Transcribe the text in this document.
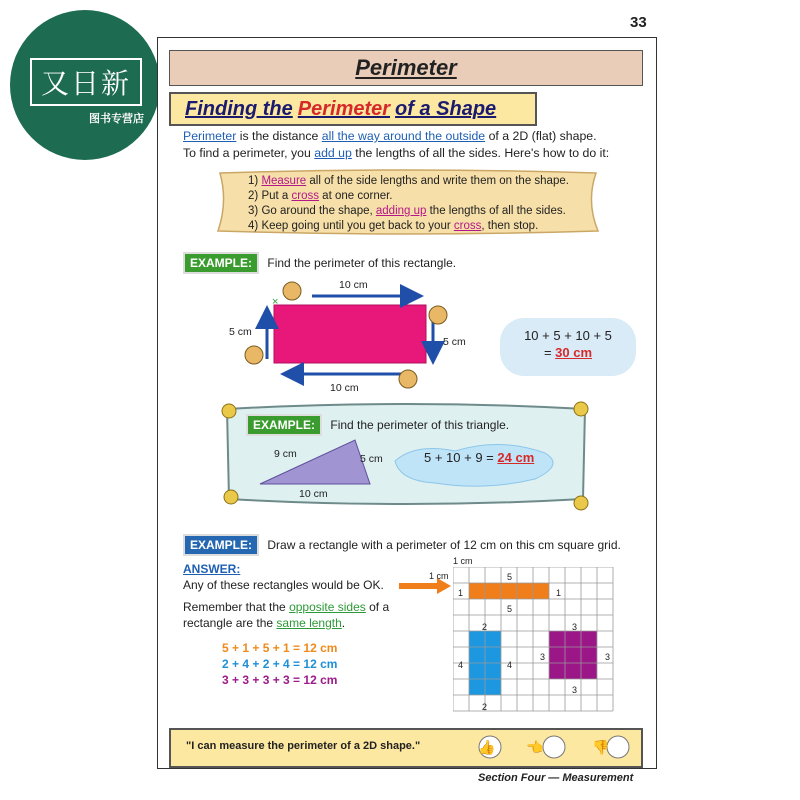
又日新
图书专营店
33
Perimeter
Finding the Perimeter of a Shape
Perimeter is the distance all the way around the outside of a 2D (flat) shape.
To find a perimeter, you add up the lengths of all the sides. Here's how to do it:
1) Measure all of the side lengths and write them on the shape.
2) Put a cross at one corner.
3) Go around the shape, adding up the lengths of all the sides.
4) Keep going until you get back to your cross, then stop.
EXAMPLE: Find the perimeter of this rectangle.
×
10 cm
5 cm
10 cm
5 cm	10 + 5 + 10 + 5
= 30 cm
EXAMPLE: Find the perimeter of this triangle.
9 cm	5 cm
10 cm
5 + 10 + 9 = 24 cm
EXAMPLE: Draw a rectangle with a perimeter of 12 cm on this cm square grid.
ANSWER:
Any of these rectangles would be OK.
Remember that the opposite sides of a
rectangle are the same length.
5 + 1 + 5 + 1 = 12 cm
2 + 4 + 2 + 4 = 12 cm
3 + 3 + 3 + 3 = 12 cm
1 cm
1 cm	5
1	1
5
2
4	4
2
3
3	3
3
"I can measure the perimeter of a 2D shape."	👍 👈	👎
Section Four — Measurement
